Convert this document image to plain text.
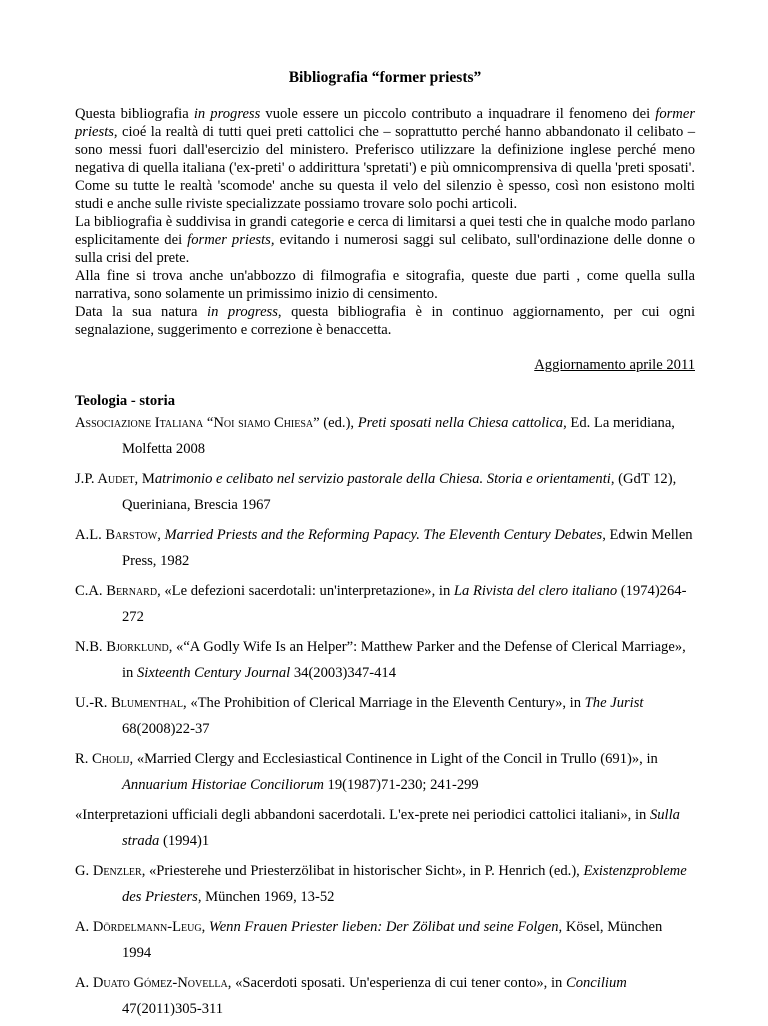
Bibliografia “former priests”

Questa bibliografia in progress vuole essere un piccolo contributo a inquadrare il fenomeno dei former priests, cioé la realtà di tutti quei preti cattolici che – soprattutto perché hanno abbandonato il celibato – sono messi fuori dall'esercizio del ministero. Preferisco utilizzare la definizione inglese perché meno negativa di quella italiana ('ex-preti' o addirittura 'spretati') e più omnicomprensiva di quella 'preti sposati'. Come su tutte le realtà 'scomode' anche su questa il velo del silenzio è spesso, così non esistono molti studi e anche sulle riviste specializzate possiamo trovare solo pochi articoli.

La bibliografia è suddivisa in grandi categorie e cerca di limitarsi a quei testi che in qualche modo parlano esplicitamente dei former priests, evitando i numerosi saggi sul celibato, sull'ordinazione delle donne o sulla crisi del prete.

Alla fine si trova anche un'abbozzo di filmografia e sitografia, queste due parti , come quella sulla narrativa, sono solamente un primissimo inizio di censimento.

Data la sua natura in progress, questa bibliografia è in continuo aggiornamento, per cui ogni segnalazione, suggerimento e correzione è benaccetta.

Aggiornamento aprile 2011
Teologia - storia
Associazione Italiana “Noi siamo Chiesa” (ed.), Preti sposati nella Chiesa cattolica, Ed. La meridiana, Molfetta 2008
J.P. Audet, Matrimonio e celibato nel servizio pastorale della Chiesa. Storia e orientamenti, (GdT 12), Queriniana, Brescia 1967
A.L. Barstow, Married Priests and the Reforming Papacy. The Eleventh Century Debates, Edwin Mellen Press, 1982
C.A. Bernard, «Le defezioni sacerdotali: un'interpretazione», in La Rivista del clero italiano (1974)264-272
N.B. Bjorklund, «“A Godly Wife Is an Helper”: Matthew Parker and the Defense of Clerical Marriage», in Sixteenth Century Journal 34(2003)347-414
U.-R. Blumenthal, «The Prohibition of Clerical Marriage in the Eleventh Century», in The Jurist 68(2008)22-37
R. Cholij, «Married Clergy and Ecclesiastical Continence in Light of the Concil in Trullo (691)», in Annuarium Historiae Conciliorum 19(1987)71-230; 241-299
«Interpretazioni ufficiali degli abbandoni sacerdotali. L'ex-prete nei periodici cattolici italiani», in Sulla strada (1994)1
G. Denzler, «Priesterehe und Priesterzölibat in historischer Sicht», in P. Henrich (ed.), Existenzprobleme des Priesters, München 1969, 13-52
A. Dördelmann-Leug, Wenn Frauen Priester lieben: Der Zölibat und seine Folgen, Kösel, München 1994
A. Duato Gómez-Novella, «Sacerdoti sposati. Un'esperienza di cui tener conto», in Concilium 47(2011)305-311
